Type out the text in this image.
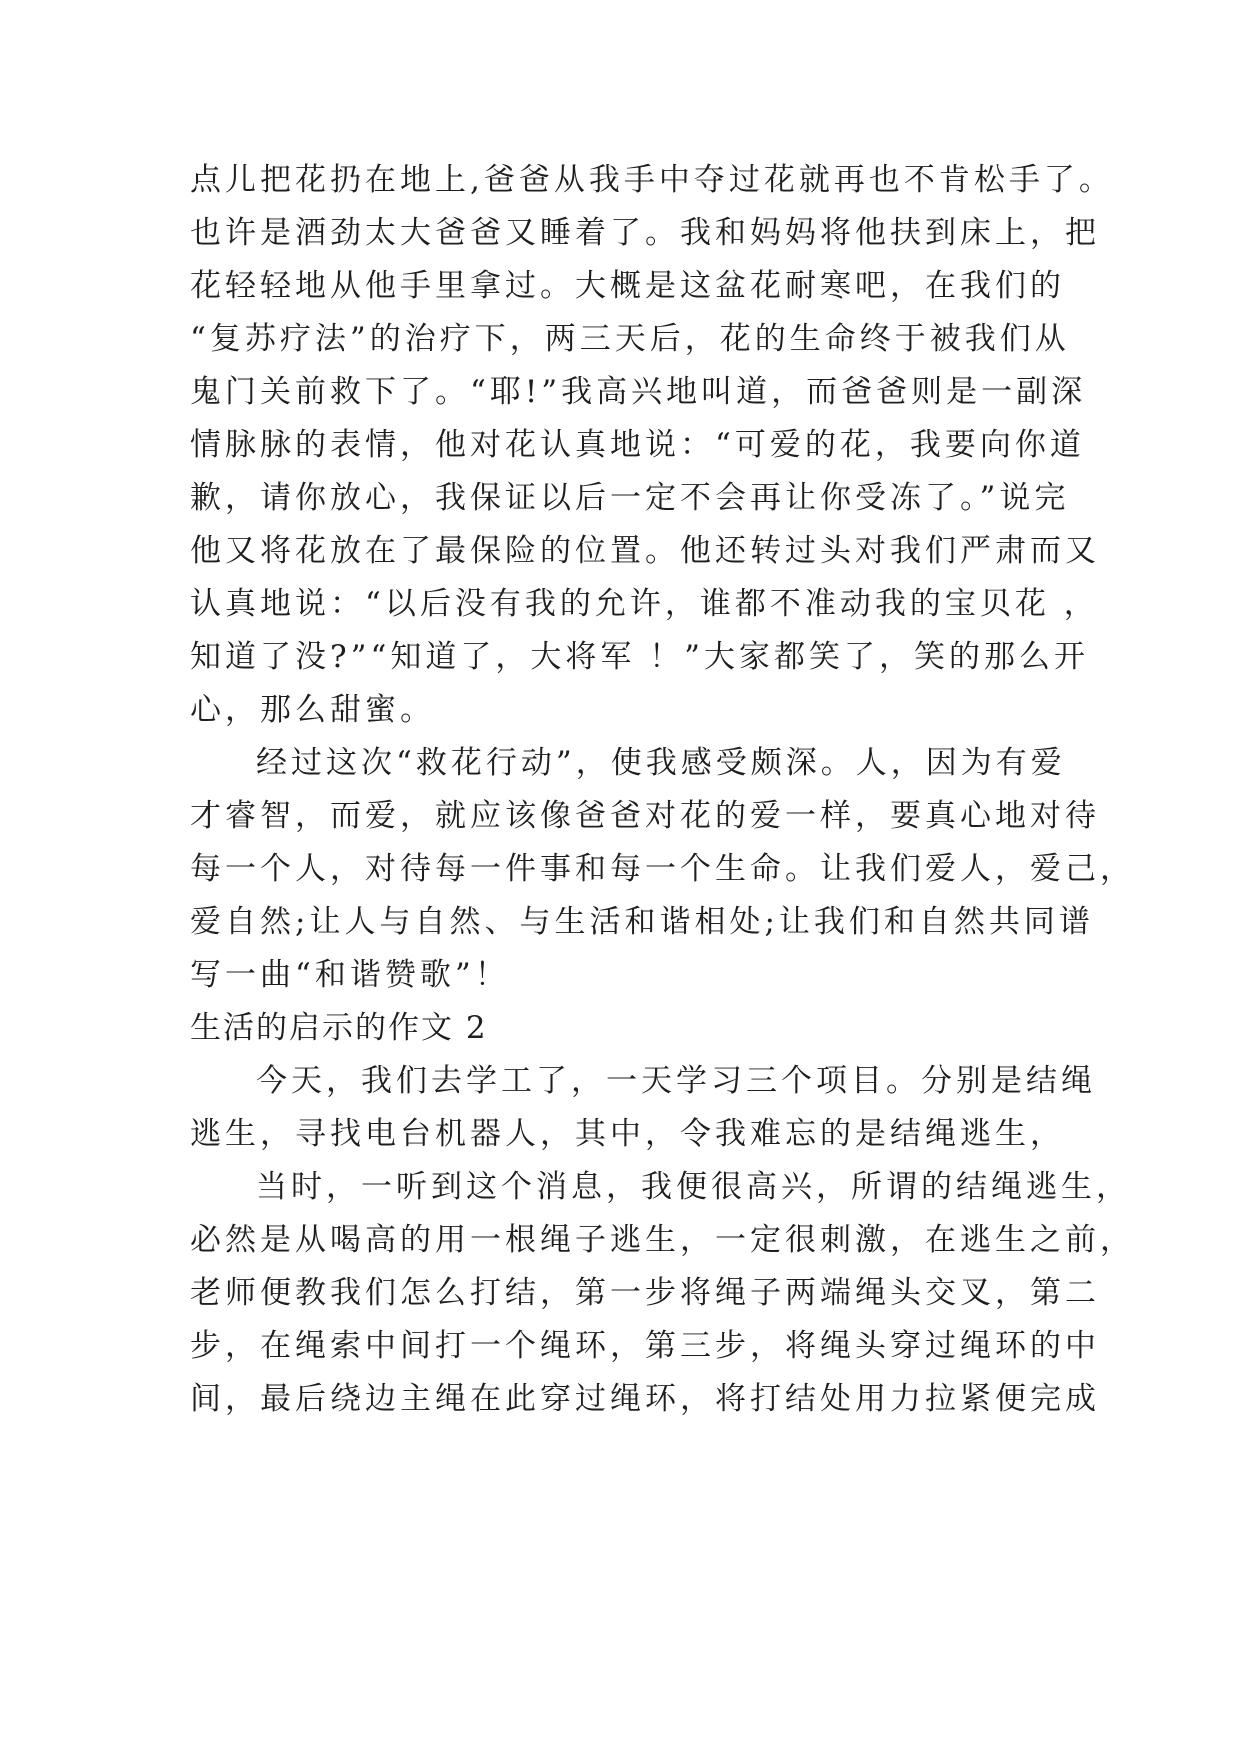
点儿把花扔在地上,爸爸从我手中夺过花就再也不肯松手了。

也许是酒劲太大爸爸又睡着了。我和妈妈将他扶到床上，把

花轻轻地从他手里拿过。大概是这盆花耐寒吧，在我们的

“复苏疗法”的治疗下，两三天后，花的生命终于被我们从

鬼门关前救下了。“耶!”我高兴地叫道，而爸爸则是一副深

情脉脉的表情，他对花认真地说：“可爱的花，我要向你道

歉，请你放心，我保证以后一定不会再让你受冻了。”说完

他又将花放在了最保险的位置。他还转过头对我们严肃而又

认真地说：“以后没有我的允许，谁都不准动我的宝贝花 ，

知道了没?”“知道了，大将军 ！”大家都笑了，笑的那么开

心，那么甜蜜。

经过这次“救花行动”，使我感受颇深。人，因为有爱

才睿智，而爱，就应该像爸爸对花的爱一样，要真心地对待

每一个人，对待每一件事和每一个生命。让我们爱人，爱己，

爱自然;让人与自然、与生活和谐相处;让我们和自然共同谱

写一曲“和谐赞歌”！

生活的启示的作文 2

今天，我们去学工了，一天学习三个项目。分别是结绳

逃生，寻找电台机器人，其中，令我难忘的是结绳逃生，

当时，一听到这个消息，我便很高兴，所谓的结绳逃生，

必然是从喝高的用一根绳子逃生，一定很刺激，在逃生之前，

老师便教我们怎么打结，第一步将绳子两端绳头交叉，第二

步，在绳索中间打一个绳环，第三步，将绳头穿过绳环的中

间，最后绕边主绳在此穿过绳环，将打结处用力拉紧便完成
